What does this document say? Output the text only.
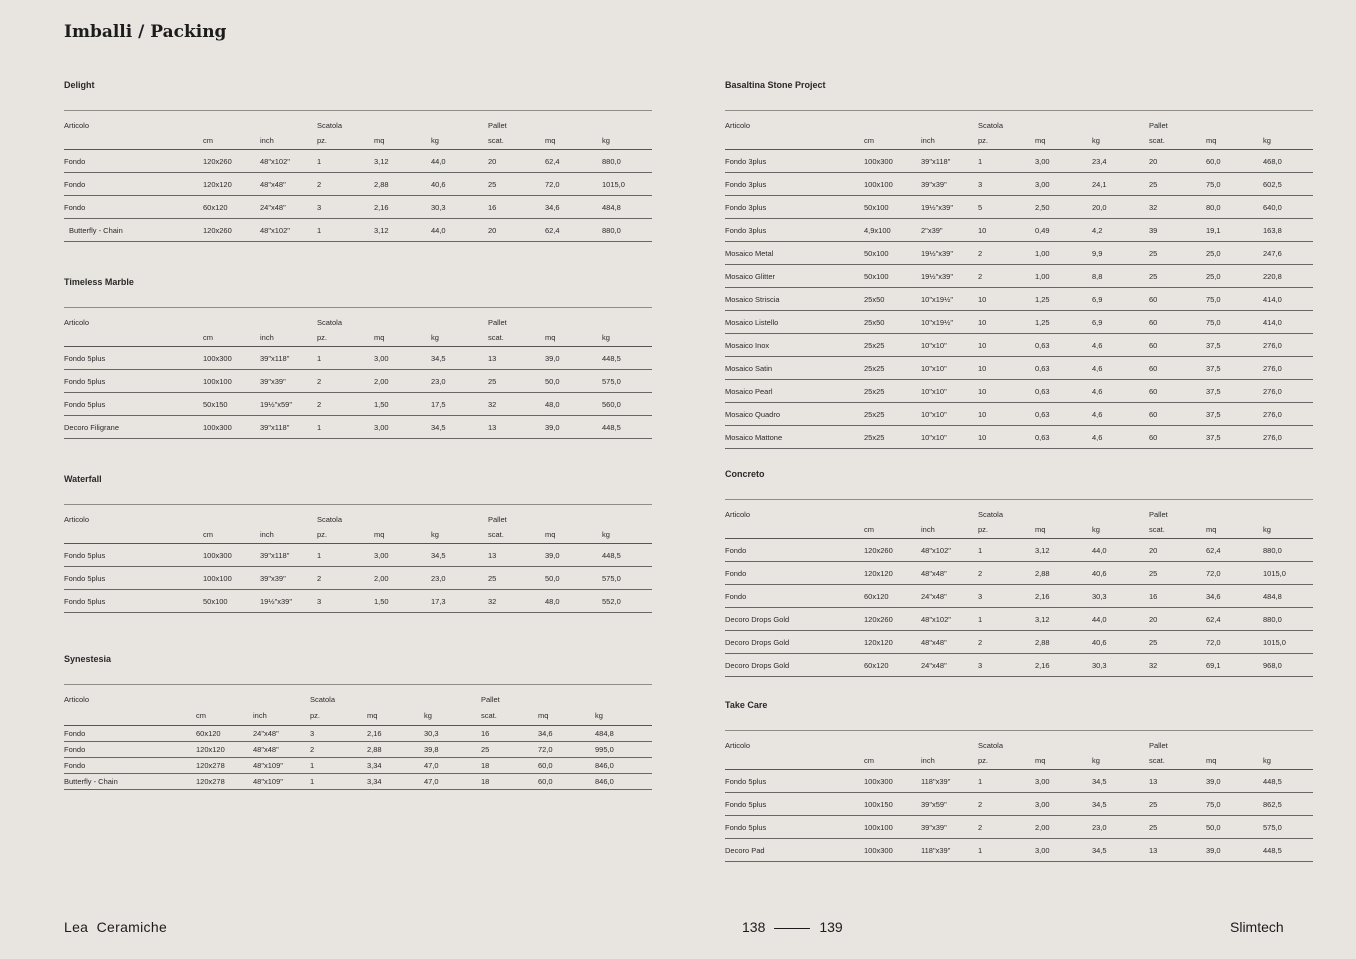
Imballi / Packing
Delight
Articolo			Scatola			Pallet		
	cm	inch	pz.	mq	kg	scat.	mq	kg
Fondo	120x260	48"x102"	1	3,12	44,0	20	62,4	880,0
Fondo	120x120	48"x48"	2	2,88	40,6	25	72,0	1015,0
Fondo	60x120	24"x48"	3	2,16	30,3	16	34,6	484,8
Butterfly - Chain	120x260	48"x102"	1	3,12	44,0	20	62,4	880,0
Timeless Marble
Articolo			Scatola			Pallet		
	cm	inch	pz.	mq	kg	scat.	mq	kg
Fondo 5plus	100x300	39"x118"	1	3,00	34,5	13	39,0	448,5
Fondo 5plus	100x100	39"x39"	2	2,00	23,0	25	50,0	575,0
Fondo 5plus	50x150	19½"x59"	2	1,50	17,5	32	48,0	560,0
Decoro Filigrane	100x300	39"x118"	1	3,00	34,5	13	39,0	448,5
Waterfall
Articolo			Scatola			Pallet		
	cm	inch	pz.	mq	kg	scat.	mq	kg
Fondo 5plus	100x300	39"x118"	1	3,00	34,5	13	39,0	448,5
Fondo 5plus	100x100	39"x39"	2	2,00	23,0	25	50,0	575,0
Fondo 5plus	50x100	19½"x39"	3	1,50	17,3	32	48,0	552,0
Synestesia
Articolo			Scatola			Pallet		
	cm	inch	pz.	mq	kg	scat.	mq	kg
Fondo	60x120	24"x48"	3	2,16	30,3	16	34,6	484,8
Fondo	120x120	48"x48"	2	2,88	39,8	25	72,0	995,0
Fondo	120x278	48"x109"	1	3,34	47,0	18	60,0	846,0
Butterfly - Chain	120x278	48"x109"	1	3,34	47,0	18	60,0	846,0
Basaltina Stone Project
Articolo			Scatola			Pallet		
	cm	inch	pz.	mq	kg	scat.	mq	kg
Fondo 3plus	100x300	39"x118"	1	3,00	23,4	20	60,0	468,0
Fondo 3plus	100x100	39"x39"	3	3,00	24,1	25	75,0	602,5
Fondo 3plus	50x100	19½"x39"	5	2,50	20,0	32	80,0	640,0
Fondo 3plus	4,9x100	2"x39"	10	0,49	4,2	39	19,1	163,8
Mosaico Metal	50x100	19½"x39"	2	1,00	9,9	25	25,0	247,6
Mosaico Glitter	50x100	19½"x39"	2	1,00	8,8	25	25,0	220,8
Mosaico Striscia	25x50	10"x19½"	10	1,25	6,9	60	75,0	414,0
Mosaico Listello	25x50	10"x19½"	10	1,25	6,9	60	75,0	414,0
Mosaico Inox	25x25	10"x10"	10	0,63	4,6	60	37,5	276,0
Mosaico Satin	25x25	10"x10"	10	0,63	4,6	60	37,5	276,0
Mosaico Pearl	25x25	10"x10"	10	0,63	4,6	60	37,5	276,0
Mosaico Quadro	25x25	10"x10"	10	0,63	4,6	60	37,5	276,0
Mosaico Mattone	25x25	10"x10"	10	0,63	4,6	60	37,5	276,0
Concreto
Articolo			Scatola			Pallet		
	cm	inch	pz.	mq	kg	scat.	mq	kg
Fondo	120x260	48"x102"	1	3,12	44,0	20	62,4	880,0
Fondo	120x120	48"x48"	2	2,88	40,6	25	72,0	1015,0
Fondo	60x120	24"x48"	3	2,16	30,3	16	34,6	484,8
Decoro Drops Gold	120x260	48"x102"	1	3,12	44,0	20	62,4	880,0
Decoro Drops Gold	120x120	48"x48"	2	2,88	40,6	25	72,0	1015,0
Decoro Drops Gold	60x120	24"x48"	3	2,16	30,3	32	69,1	968,0
Take Care
Articolo			Scatola			Pallet		
	cm	inch	pz.	mq	kg	scat.	mq	kg
Fondo 5plus	100x300	118"x39"	1	3,00	34,5	13	39,0	448,5
Fondo 5plus	100x150	39"x59"	2	3,00	34,5	25	75,0	862,5
Fondo 5plus	100x100	39"x39"	2	2,00	23,0	25	50,0	575,0
Decoro Pad	100x300	118"x39"	1	3,00	34,5	13	39,0	448,5
Lea  Ceramiche	138	139	Slimtech
